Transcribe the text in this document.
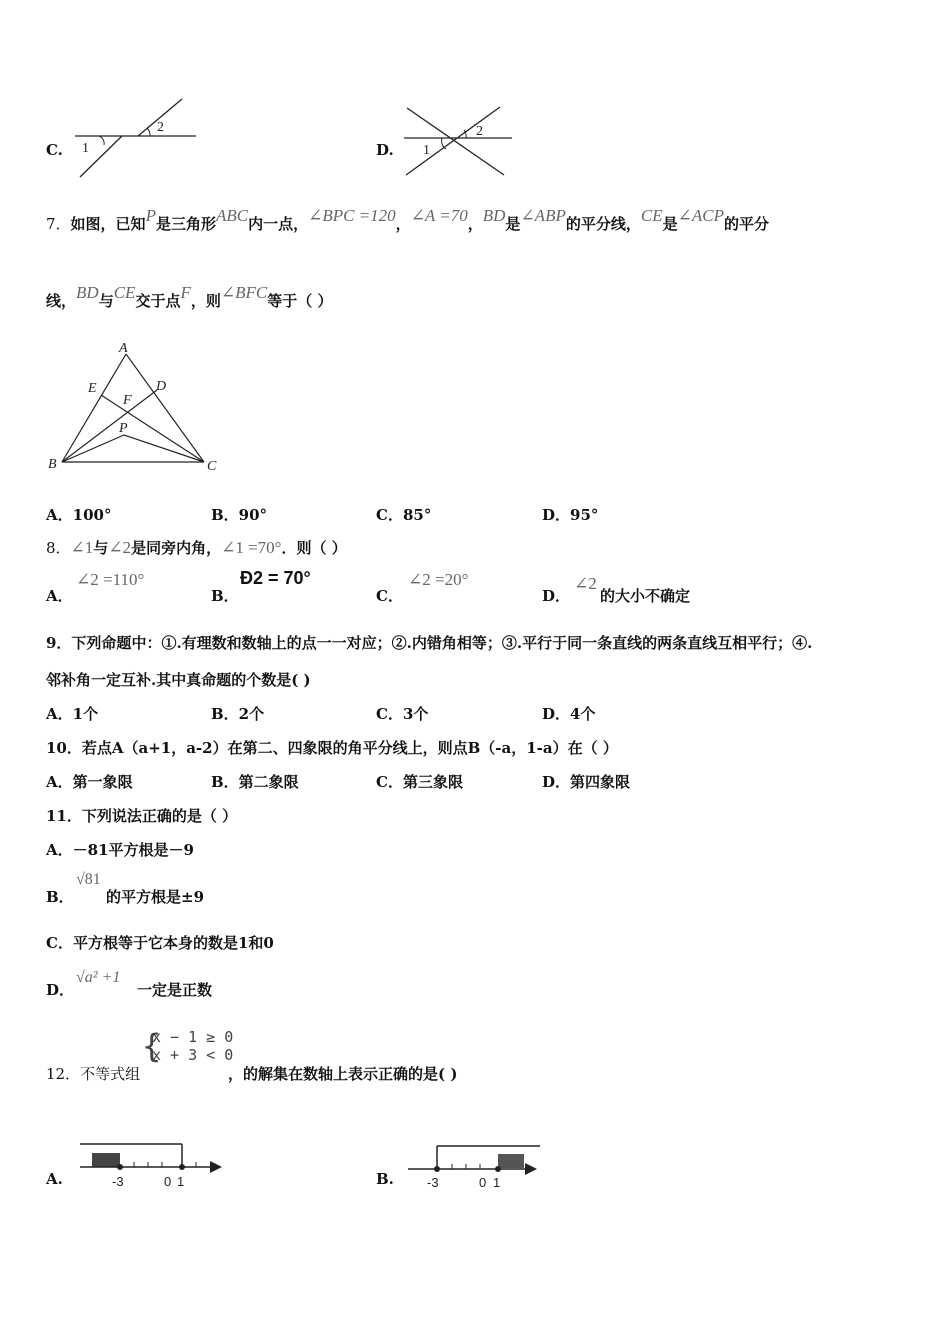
C. 1
2
D. 1
2
7．如图，已知P是三角形ABC内一点，∠BPC =120，∠A =70，BD是∠ABP的平分线，CE是∠ACP的平分
线，BD与CE交于点F，则∠BFC等于（ ）
A
B	C
D
E
F
P
A．100°	B．90°	C．85°	D．95°
8．∠1与∠2是同旁内角，∠1 =70°．则（ ）
A．
∠2 =110°
B．
Ð2 = 70°
C．
∠2 =20°
D．
∠2
的大小不确定
9．下列命题中：①.有理数和数轴上的点一一对应；②.内错角相等；③.平行于同一条直线的两条直线互相平行；④.
邻补角一定互补.其中真命题的个数是( )
A．1个	B．2个	C．3个	D．4个
10．若点A（a+1，a-2）在第二、四象限的角平分线上，则点B（-a，1-a）在（ ）
A．第一象限	B．第二象限	C．第三象限	D．第四象限
11．下列说法正确的是（ ）
A．－81平方根是－9
B．
√81
的平方根是±9
C．平方根等于它本身的数是1和0
D．
√a² +1
一定是正数
12．不等式组
{
x − 1 ≥ 0
x + 3 < 0
，的解集在数轴上表示正确的是( )
A.	-3	0 1	B.	-3	0 1
